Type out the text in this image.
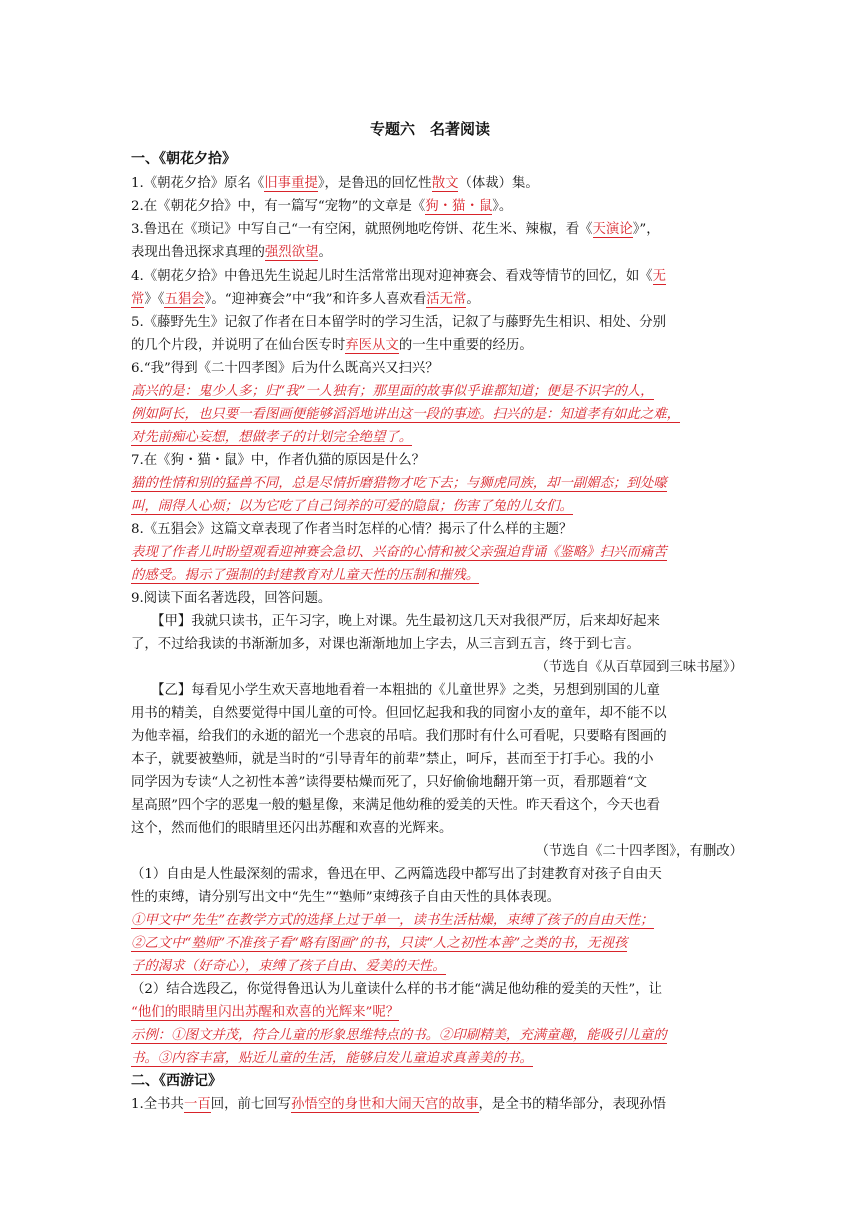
专题六　名著阅读
一、《朝花夕拾》
1.《朝花夕拾》原名《旧事重提》，是鲁迅的回忆性散文（体裁）集。
2.在《朝花夕拾》中，有一篇写“宠物”的文章是《狗・猫・鼠》。
3.鲁迅在《琐记》中写自己“一有空闲，就照例地吃侉饼、花生米、辣椒，看《天演论》”，
表现出鲁迅探求真理的强烈欲望。
4.《朝花夕拾》中鲁迅先生说起儿时生活常常出现对迎神赛会、看戏等情节的回忆，如《无
常》《五猖会》。“迎神赛会”中“我”和许多人喜欢看活无常。
5.《藤野先生》记叙了作者在日本留学时的学习生活，记叙了与藤野先生相识、相处、分别
的几个片段，并说明了在仙台医专时弃医从文的一生中重要的经历。
6.“我”得到《二十四孝图》后为什么既高兴又扫兴？
高兴的是：鬼少人多；归“我”一人独有；那里面的故事似乎谁都知道；便是不识字的人，
例如阿长，也只要一看图画便能够滔滔地讲出这一段的事迹。扫兴的是：知道孝有如此之难，
对先前痴心妄想，想做孝子的计划完全绝望了。
7.在《狗・猫・鼠》中，作者仇猫的原因是什么？
猫的性情和别的猛兽不同，总是尽情折磨猎物才吃下去；与狮虎同族，却一副媚态；到处嚎
叫，闹得人心烦；以为它吃了自己饲养的可爱的隐鼠；伤害了兔的儿女们。
8.《五猖会》这篇文章表现了作者当时怎样的心情？揭示了什么样的主题？
表现了作者儿时盼望观看迎神赛会急切、兴奋的心情和被父亲强迫背诵《鉴略》扫兴而痛苦
的感受。揭示了强制的封建教育对儿童天性的压制和摧残。
9.阅读下面名著选段，回答问题。
　　【甲】我就只读书，正午习字，晚上对课。先生最初这几天对我很严厉，后来却好起来
了，不过给我读的书渐渐加多，对课也渐渐地加上字去，从三言到五言，终于到七言。
（节选自《从百草园到三味书屋》）
　　【乙】每看见小学生欢天喜地地看着一本粗拙的《儿童世界》之类，另想到别国的儿童
用书的精美，自然要觉得中国儿童的可怜。但回忆起我和我的同窗小友的童年，却不能不以
为他幸福，给我们的永逝的韶光一个悲哀的吊唁。我们那时有什么可看呢，只要略有图画的
本子，就要被塾师，就是当时的“引导青年的前辈”禁止，呵斥，甚而至于打手心。我的小
同学因为专读“人之初性本善”读得要枯燥而死了，只好偷偷地翻开第一页，看那题着“文
星高照”四个字的恶鬼一般的魁星像，来满足他幼稚的爱美的天性。昨天看这个，今天也看
这个，然而他们的眼睛里还闪出苏醒和欢喜的光辉来。
（节选自《二十四孝图》，有删改）
（1）自由是人性最深刻的需求，鲁迅在甲、乙两篇选段中都写出了封建教育对孩子自由天
性的束缚，请分别写出文中“先生”“塾师”束缚孩子自由天性的具体表现。
①甲文中“先生”在教学方式的选择上过于单一，读书生活枯燥，束缚了孩子的自由天性；
②乙文中“塾师”不准孩子看“略有图画”的书，只读“人之初性本善”之类的书，无视孩
子的渴求（好奇心），束缚了孩子自由、爱美的天性。
（2）结合选段乙，你觉得鲁迅认为儿童读什么样的书才能“满足他幼稚的爱美的天性”，让
“他们的眼睛里闪出苏醒和欢喜的光辉来”呢？
示例：①图文并茂，符合儿童的形象思维特点的书。②印刷精美，充满童趣，能吸引儿童的
书。③内容丰富，贴近儿童的生活，能够启发儿童追求真善美的书。
二、《西游记》
1.全书共一百回，前七回写孙悟空的身世和大闹天宫的故事，是全书的精华部分，表现孙悟
